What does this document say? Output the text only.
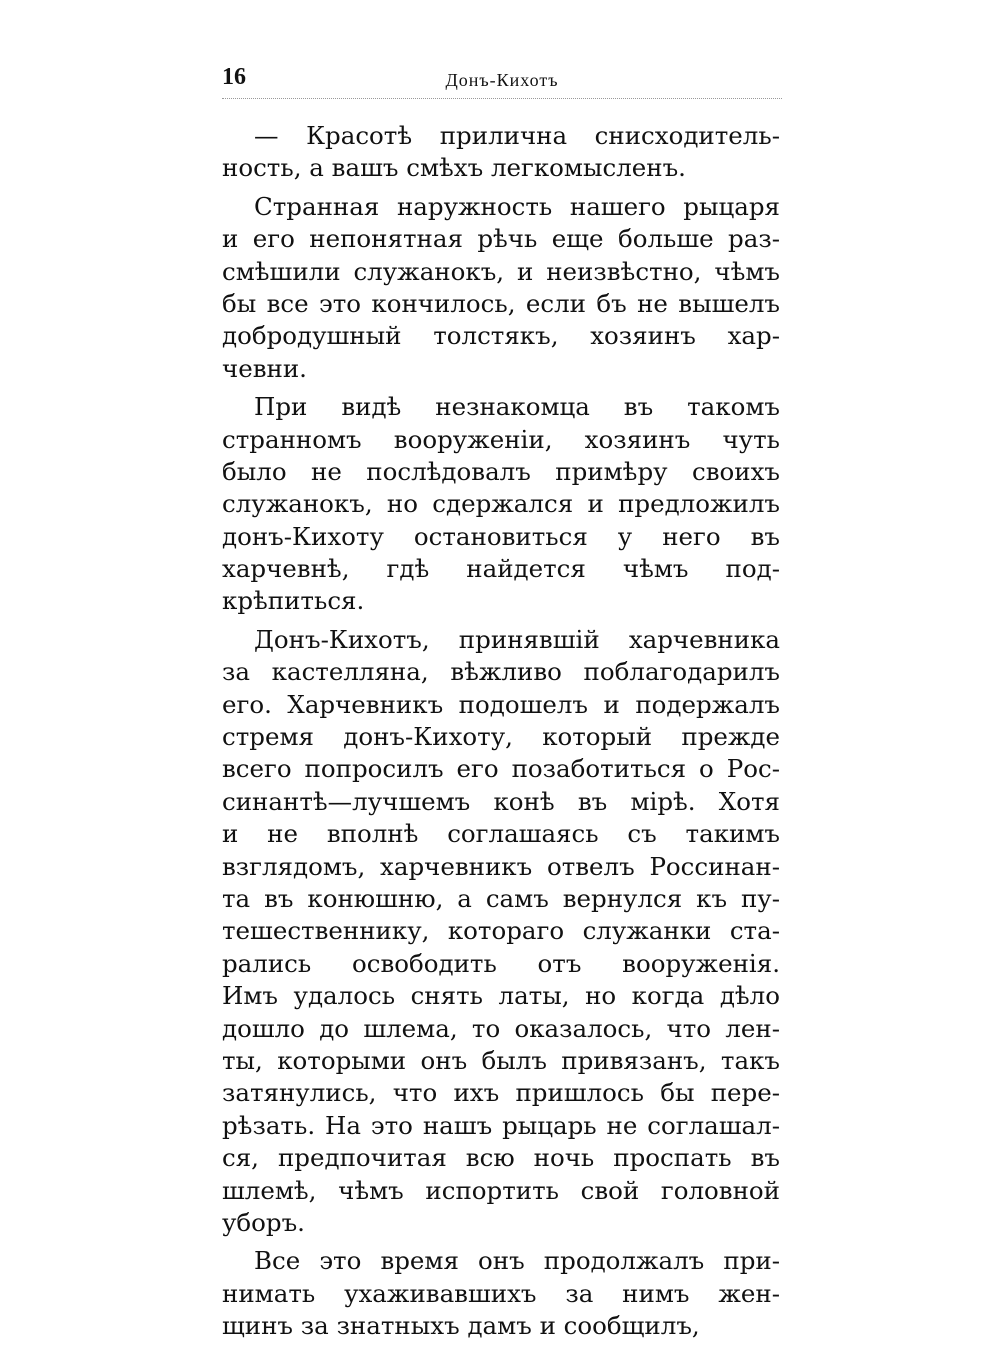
16	Донъ-Кихотъ
— Красотѣ прилична снисходитель-
ность, а вашъ смѣхъ легкомысленъ.
Странная наружность нашего рыцаря
и его непонятная рѣчь еще больше раз-
смѣшили служанокъ, и неизвѣстно, чѣмъ
бы все это кончилось, если бъ не вышелъ
добродушный толстякъ, хозяинъ хар-
чевни.
При видѣ незнакомца въ такомъ
странномъ вооруженіи, хозяинъ чуть
было не послѣдовалъ примѣру своихъ
служанокъ, но сдержался и предложилъ
донъ-Кихоту остановиться у него въ
харчевнѣ, гдѣ найдется чѣмъ под-
крѣпиться.
Донъ-Кихотъ, принявшій харчевника
за кастелляна, вѣжливо поблагодарилъ
его. Харчевникъ подошелъ и подержалъ
стремя донъ-Кихоту, который прежде
всего попросилъ его позаботиться о Рос-
синантѣ—лучшемъ конѣ въ мірѣ. Хотя
и не вполнѣ соглашаясь съ такимъ
взглядомъ, харчевникъ отвелъ Россинан-
та въ конюшню, а самъ вернулся къ пу-
тешественнику, котораго служанки ста-
рались освободить отъ вооруженія.
Имъ удалось снять латы, но когда дѣло
дошло до шлема, то оказалось, что лен-
ты, которыми онъ былъ привязанъ, такъ
затянулись, что ихъ пришлось бы пере-
рѣзать. На это нашъ рыцарь не соглашал-
ся, предпочитая всю ночь проспать въ
шлемѣ, чѣмъ испортить свой головной
уборъ.
Все это время онъ продолжалъ при-
нимать ухаживавшихъ за нимъ жен-
щинъ за знатныхъ дамъ и сообщилъ,
